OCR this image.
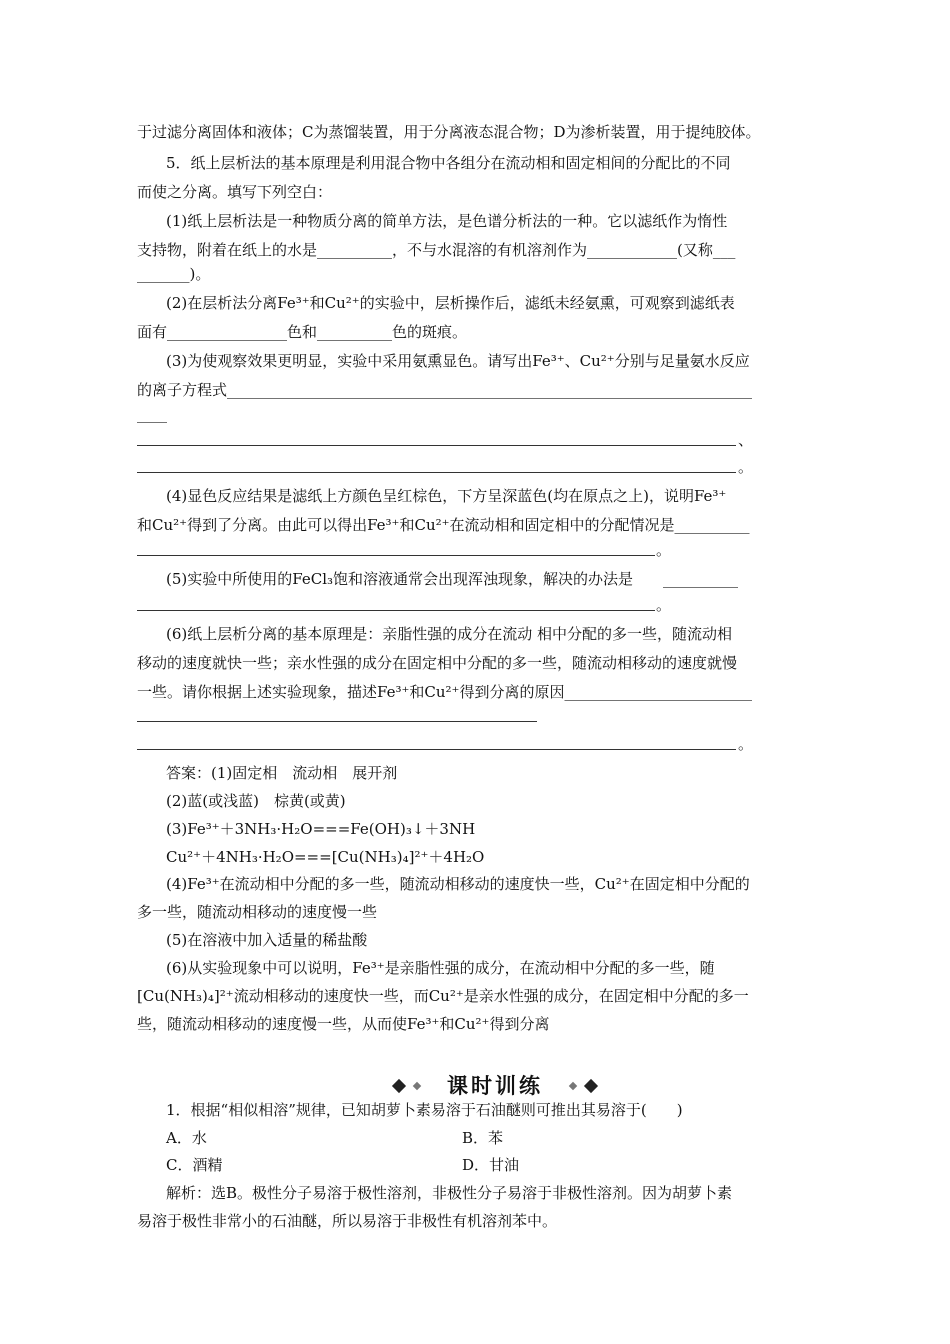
于过滤分离固体和液体；C为蒸馏装置，用于分离液态混合物；D为渗析装置，用于提纯胶体。
5．纸上层析法的基本原理是利用混合物中各组分在流动相和固定相间的分配比的不同
而使之分离。填写下列空白：
(1)纸上层析法是一种物质分离的简单方法，是色谱分析法的一种。它以滤纸作为惰性
支持物，附着在纸上的水是__________，不与水混溶的有机溶剂作为____________(又称___
_______)。
(2)在层析法分离Fe³⁺和Cu²⁺的实验中，层析操作后，滤纸未经氨熏，可观察到滤纸表
面有________________色和__________色的斑痕。
(3)为使观察效果更明显，实验中采用氨熏显色。请写出Fe³⁺、Cu²⁺分别与足量氨水反应
的离子方程式______________________________________________________________________
____
、
。
(4)显色反应结果是滤纸上方颜色呈红棕色，下方呈深蓝色(均在原点之上)，说明Fe³⁺
和Cu²⁺得到了分离。由此可以得出Fe³⁺和Cu²⁺在流动相和固定相中的分配情况是__________
。
(5)实验中所使用的FeCl₃饱和溶液通常会出现浑浊现象，解决的办法是　　__________
。
(6)纸上层析分离的基本原理是：亲脂性强的成分在流动 相中分配的多一些，随流动相
移动的速度就快一些；亲水性强的成分在固定相中分配的多一些，随流动相移动的速度就慢
一些。请你根据上述实验现象，描述Fe³⁺和Cu²⁺得到分离的原因_________________________
。
答案：(1)固定相　流动相　展开剂
(2)蓝(或浅蓝)　棕黄(或黄)
(3)Fe³⁺＋3NH₃·H₂O===Fe(OH)₃↓＋3NH
Cu²⁺＋4NH₃·H₂O===[Cu(NH₃)₄]²⁺＋4H₂O
(4)Fe³⁺在流动相中分配的多一些，随流动相移动的速度快一些，Cu²⁺在固定相中分配的
多一些，随流动相移动的速度慢一些
(5)在溶液中加入适量的稀盐酸
(6)从实验现象中可以说明，Fe³⁺是亲脂性强的成分，在流动相中分配的多一些，随
[Cu(NH₃)₄]²⁺流动相移动的速度快一些，而Cu²⁺是亲水性强的成分，在固定相中分配的多一
些，随流动相移动的速度慢一些，从而使Fe³⁺和Cu²⁺得到分离
课时训练
1．根据“相似相溶”规律，已知胡萝卜素易溶于石油醚则可推出其易溶于(　　)
A．水	B．苯
C．酒精	D．甘油
解析：选B。极性分子易溶于极性溶剂，非极性分子易溶于非极性溶剂。因为胡萝卜素
易溶于极性非常小的石油醚，所以易溶于非极性有机溶剂苯中。
